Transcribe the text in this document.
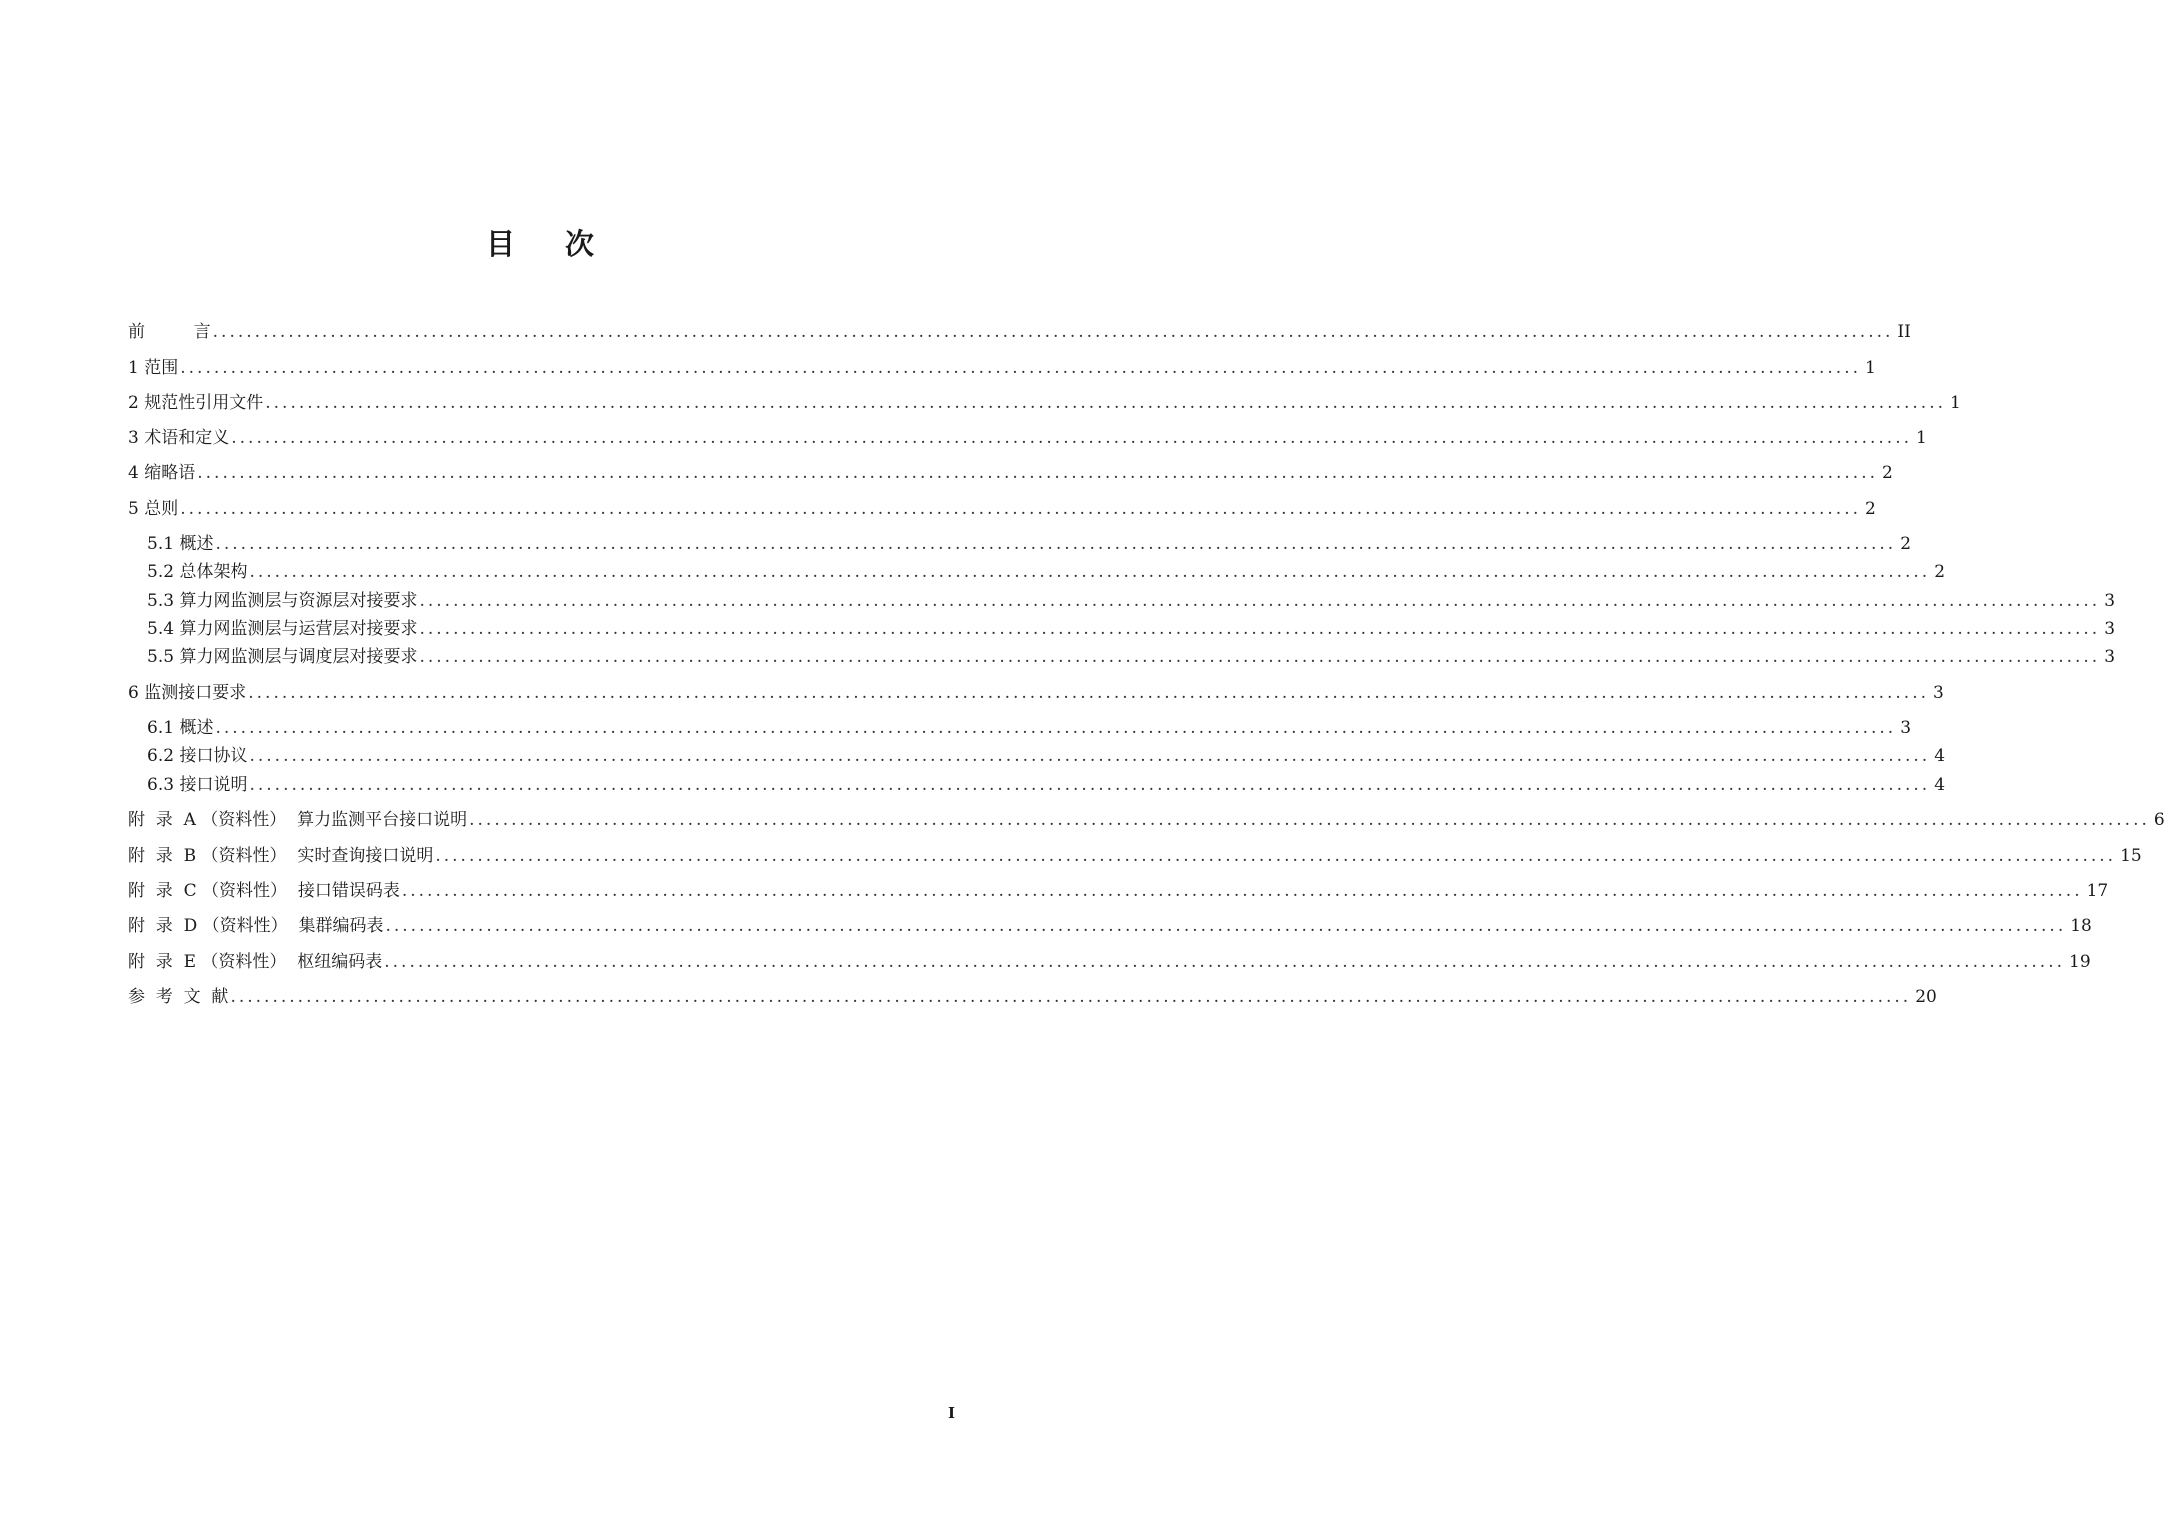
目 次
前         言 ........................................................................................................................................................................................................ II
1 范围 ........................................................................................................................................................................................................ 1
2 规范性引用文件 ........................................................................................................................................................................................................ 1
3 术语和定义 ........................................................................................................................................................................................................ 1
4 缩略语 ........................................................................................................................................................................................................ 2
5 总则 ........................................................................................................................................................................................................ 2
5.1 概述 ........................................................................................................................................................................................................ 2
5.2 总体架构 ........................................................................................................................................................................................................ 2
5.3 算力网监测层与资源层对接要求 ........................................................................................................................................................................................................ 3
5.4 算力网监测层与运营层对接要求 ........................................................................................................................................................................................................ 3
5.5 算力网监测层与调度层对接要求 ........................................................................................................................................................................................................ 3
6 监测接口要求 ........................................................................................................................................................................................................ 3
6.1 概述 ........................................................................................................................................................................................................ 3
6.2 接口协议 ........................................................................................................................................................................................................ 4
6.3 接口说明 ........................................................................................................................................................................................................ 4
附  录  A （资料性）  算力监测平台接口说明 ........................................................................................................................................................................................................ 6
附  录  B （资料性）  实时查询接口说明 ........................................................................................................................................................................................................ 15
附  录  C （资料性）  接口错误码表 ........................................................................................................................................................................................................ 17
附  录  D （资料性）  集群编码表 ........................................................................................................................................................................................................ 18
附  录  E （资料性）  枢纽编码表 ........................................................................................................................................................................................................ 19
参  考  文  献 ........................................................................................................................................................................................................ 20
I
